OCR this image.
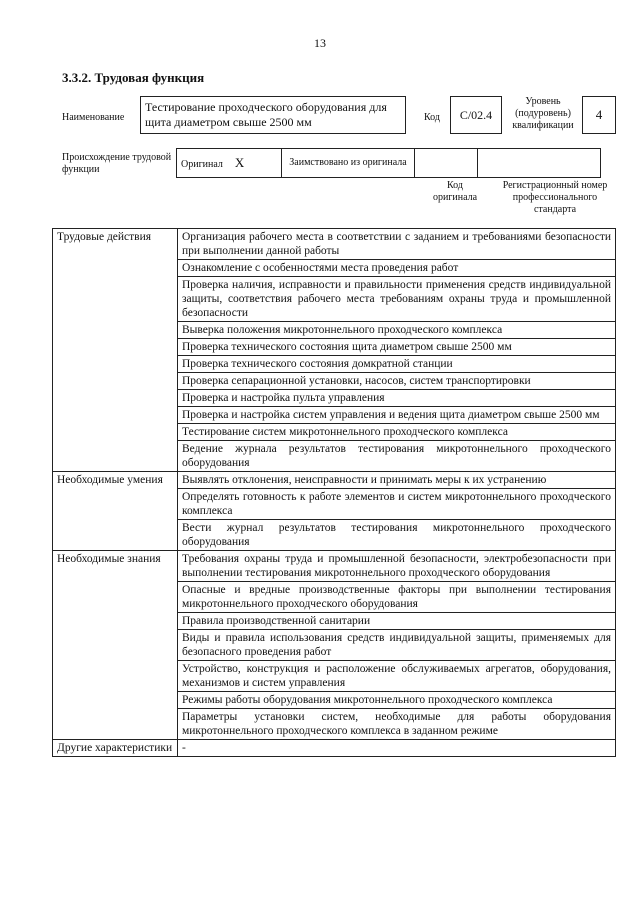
13
3.3.2. Трудовая функция
Наименование
Тестирование проходческого оборудования для щита диаметром свыше 2500 мм	Код	C/02.4
Уровень (подуровень) квалификации
4
Происхождение трудовой функции	Оригинал X	Заимствовано из оригинала		
Код оригинала
Регистрационный номер профессионального стандарта
Трудовые действия	Организация рабочего места в соответствии с заданием и требованиями безопасности при выполнении данной работы
	Ознакомление с особенностями места проведения работ
	Проверка наличия, исправности и правильности применения средств индивидуальной защиты, соответствия рабочего места требованиям охраны труда и промышленной безопасности
	Выверка положения микротоннельного проходческого комплекса
	Проверка технического состояния щита диаметром свыше 2500 мм
	Проверка технического состояния домкратной станции
	Проверка сепарационной установки, насосов, систем транспортировки
	Проверка и настройка пульта управления
	Проверка и настройка систем управления и ведения щита диаметром свыше 2500 мм
	Тестирование систем микротоннельного проходческого комплекса
	Ведение журнала результатов тестирования микротоннельного проходческого оборудования
Необходимые умения	Выявлять отклонения, неисправности и принимать меры к их устранению
	Определять готовность к работе элементов и систем микротоннельного проходческого комплекса
	Вести журнал результатов тестирования микротоннельного проходческого оборудования
Необходимые знания	Требования охраны труда и промышленной безопасности, электробезопасности при выполнении тестирования микротоннельного проходческого оборудования
	Опасные и вредные производственные факторы при выполнении тестирования микротоннельного проходческого оборудования
	Правила производственной санитарии
	Виды и правила использования средств индивидуальной защиты, применяемых для безопасного проведения работ
	Устройство, конструкция и расположение обслуживаемых агрегатов, оборудования, механизмов и систем управления
	Режимы работы оборудования микротоннельного проходческого комплекса
	Параметры установки систем, необходимые для работы оборудования микротоннельного проходческого комплекса в заданном режиме
Другие характеристики	-
